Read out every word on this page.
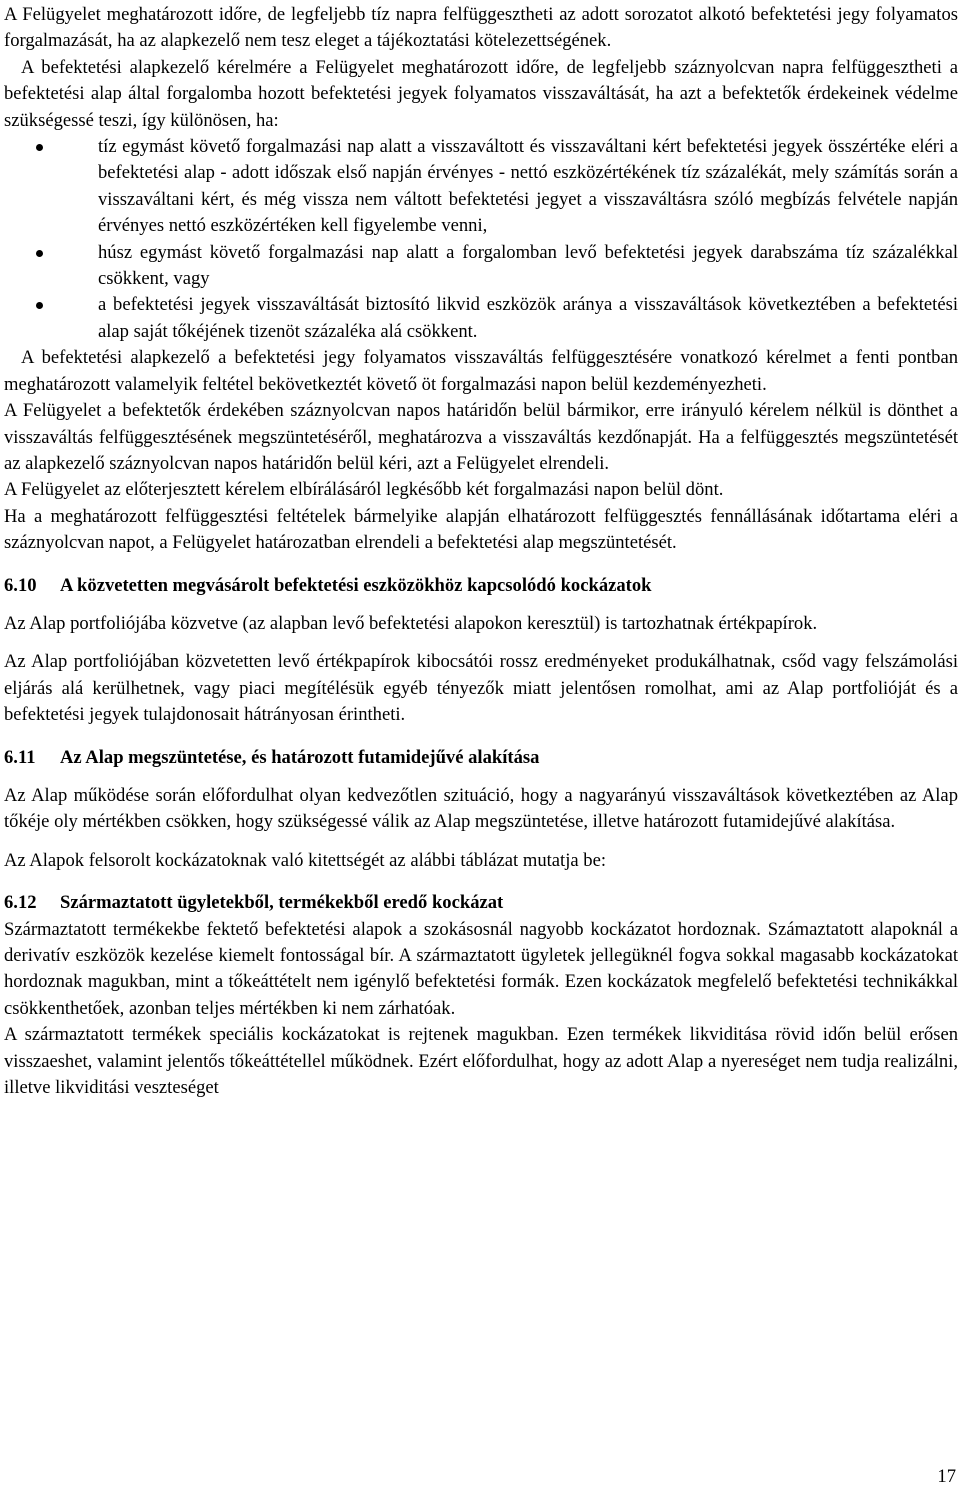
A Felügyelet meghatározott időre, de legfeljebb tíz napra felfüggesztheti az adott sorozatot alkotó befektetési jegy folyamatos forgalmazását, ha az alapkezelő nem tesz eleget a tájékoztatási kötelezettségének.

A befektetési alapkezelő kérelmére a Felügyelet meghatározott időre, de legfeljebb száznyolcvan napra felfüggesztheti a befektetési alap által forgalomba hozott befektetési jegyek folyamatos visszaváltását, ha azt a befektetők érdekeinek védelme szükségessé teszi, így különösen, ha:

tíz egymást követő forgalmazási nap alatt a visszaváltott és visszaváltani kért befektetési jegyek összértéke eléri a befektetési alap - adott időszak első napján érvényes - nettó eszközértékének tíz százalékát, mely számítás során a visszaváltani kért, és még vissza nem váltott befektetési jegyet a visszaváltásra szóló megbízás felvétele napján érvényes nettó eszközértéken kell figyelembe venni,
húsz egymást követő forgalmazási nap alatt a forgalomban levő befektetési jegyek darabszáma tíz százalékkal csökkent, vagy
a befektetési jegyek visszaváltását biztosító likvid eszközök aránya a visszaváltások következtében a befektetési alap saját tőkéjének tizenöt százaléka alá csökkent.

A befektetési alapkezelő a befektetési jegy folyamatos visszaváltás felfüggesztésére vonatkozó kérelmet a fenti pontban meghatározott valamelyik feltétel bekövetkeztét követő öt forgalmazási napon belül kezdeményezheti.

A Felügyelet a befektetők érdekében száznyolcvan napos határidőn belül bármikor, erre irányuló kérelem nélkül is dönthet a visszaváltás felfüggesztésének megszüntetéséről, meghatározva a visszaváltás kezdőnapját. Ha a felfüggesztés megszüntetését az alapkezelő száznyolcvan napos határidőn belül kéri, azt a Felügyelet elrendeli.

A Felügyelet az előterjesztett kérelem elbírálásáról legkésőbb két forgalmazási napon belül dönt.

Ha a meghatározott felfüggesztési feltételek bármelyike alapján elhatározott felfüggesztés fennállásának időtartama eléri a száznyolcvan napot, a Felügyelet határozatban elrendeli a befektetési alap megszüntetését.

6.10 A közvetetten megvásárolt befektetési eszközökhöz kapcsolódó kockázatok

Az Alap portfoliójába közvetve (az alapban levő befektetési alapokon keresztül) is tartozhatnak értékpapírok.

Az Alap portfoliójában közvetetten levő értékpapírok kibocsátói rossz eredményeket produkálhatnak, csőd vagy felszámolási eljárás alá kerülhetnek, vagy piaci megítélésük egyéb tényezők miatt jelentősen romolhat, ami az Alap portfolióját és a befektetési jegyek tulajdonosait hátrányosan érintheti.

6.11 Az Alap megszüntetése, és határozott futamidejűvé alakítása

Az Alap működése során előfordulhat olyan kedvezőtlen szituáció, hogy a nagyarányú visszaváltások következtében az Alap tőkéje oly mértékben csökken, hogy szükségessé válik az Alap megszüntetése, illetve határozott futamidejűvé alakítása.

Az Alapok felsorolt kockázatoknak való kitettségét az alábbi táblázat mutatja be:

6.12 Származtatott ügyletekből, termékekből eredő kockázat

Származtatott termékekbe fektető befektetési alapok a szokásosnál nagyobb kockázatot hordoznak. Számaztatott alapoknál a derivatív eszközök kezelése kiemelt fontosságal bír. A származtatott ügyletek jellegüknél fogva sokkal magasabb kockázatokat hordoznak magukban, mint a tőkeáttételt nem igénylő befektetési formák. Ezen kockázatok megfelelő befektetési technikákkal csökkenthetőek, azonban teljes mértékben ki nem zárhatóak.

A származtatott termékek speciális kockázatokat is rejtenek magukban. Ezen termékek likviditása rövid időn belül erősen visszaeshet, valamint jelentős tőkeáttétellel működnek. Ezért előfordulhat, hogy az adott Alap a nyereséget nem tudja realizálni, illetve likviditási veszteséget

17
